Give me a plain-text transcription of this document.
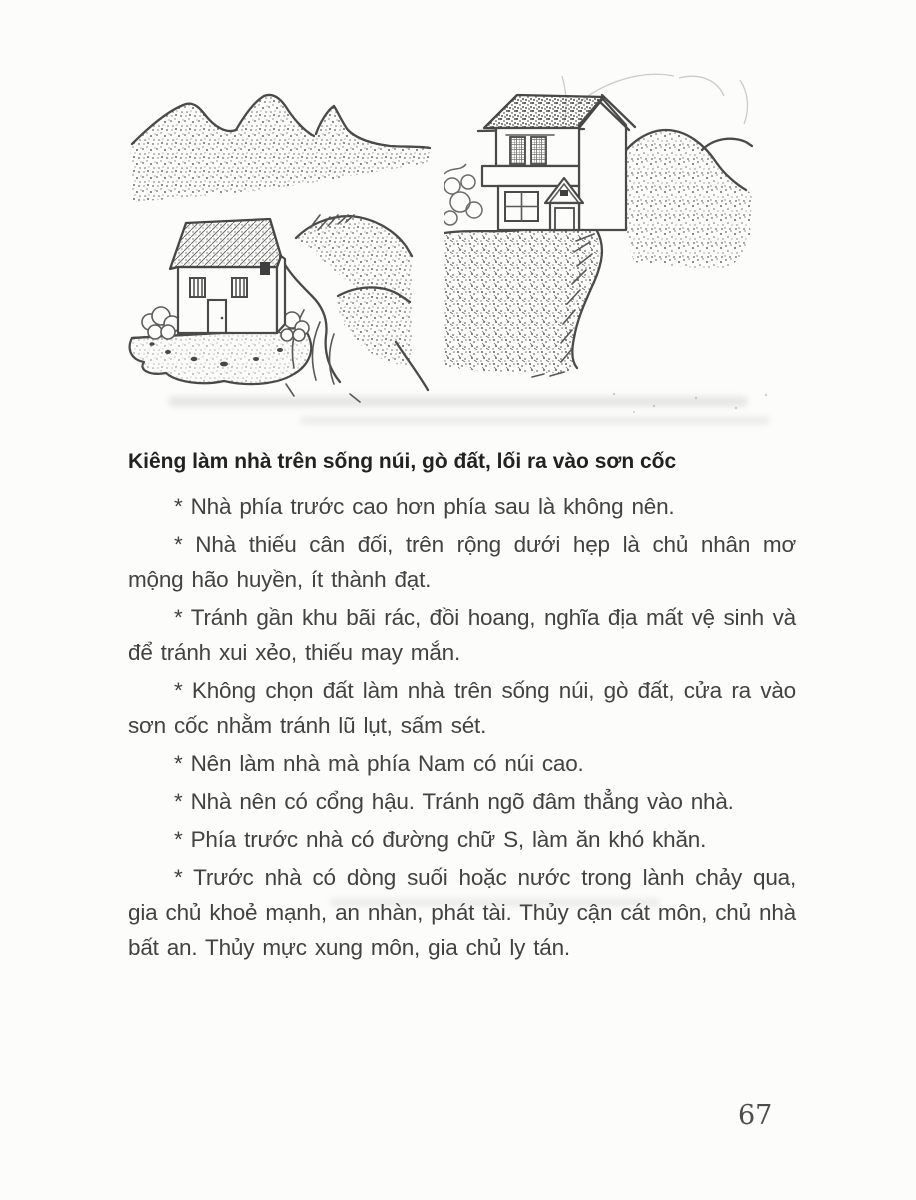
Kiêng làm nhà trên sống núi, gò đất, lối ra vào sơn cốc

* Nhà phía trước cao hơn phía sau là không nên.

* Nhà thiếu cân đối, trên rộng dưới hẹp là chủ nhân mơ mộng hão huyền, ít thành đạt.

* Tránh gần khu bãi rác, đồi hoang, nghĩa địa mất vệ sinh và để tránh xui xẻo, thiếu may mắn.

* Không chọn đất làm nhà trên sống núi, gò đất, cửa ra vào sơn cốc nhằm tránh lũ lụt, sấm sét.

* Nên làm nhà mà phía Nam có núi cao.

* Nhà nên có cổng hậu. Tránh ngõ đâm thẳng vào nhà.

* Phía trước nhà có đường chữ S, làm ăn khó khăn.

* Trước nhà có dòng suối hoặc nước trong lành chảy qua, gia chủ khoẻ mạnh, an nhàn, phát tài. Thủy cận cát môn, chủ nhà bất an. Thủy mực xung môn, gia chủ ly tán.

67
